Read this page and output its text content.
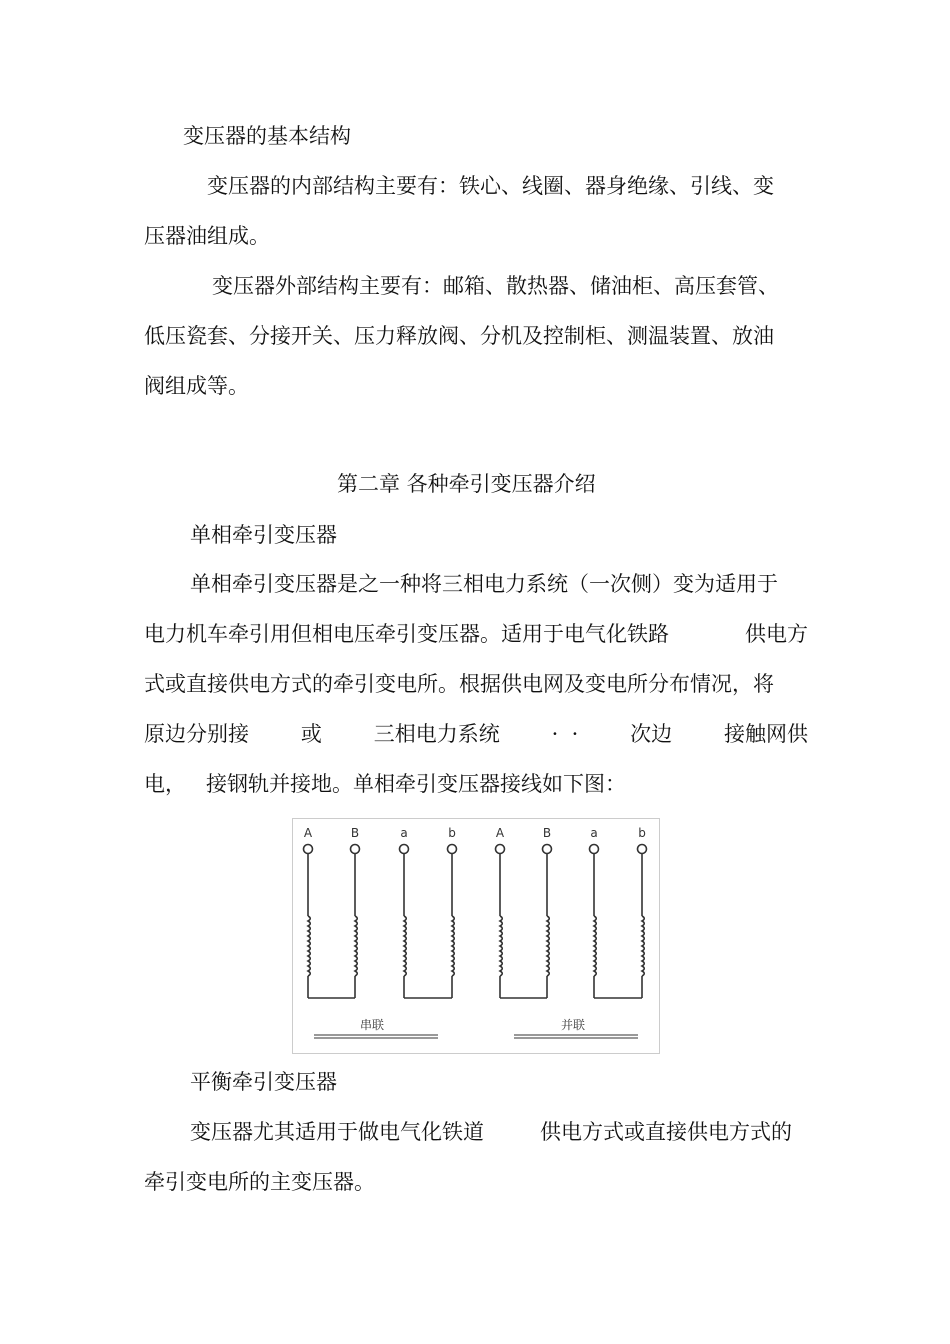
变压器的基本结构

变压器的内部结构主要有：铁心、线圈、器身绝缘、引线、变

压器油组成。

变压器外部结构主要有：邮箱、散热器、储油柜、高压套管、

低压瓷套、分接开关、压力释放阀、分机及控制柜、测温装置、放油

阀组成等。

第二章 各种牵引变压器介绍

单相牵引变压器

单相牵引变压器是之一种将三相电力系统（一次侧）变为适用于

电力机车牵引用但相电压牵引变压器。适用于电气化铁路	供电方

式或直接供电方式的牵引变电所。根据供电网及变电所分布情况，将

原边分别接 或 三相电力系统 ·  · 次边 接触网供

电， 接钢轨并接地。单相牵引变压器接线如下图：

A	B	a	b	A	B	a	b
串联	并联

平衡牵引变压器

变压器尤其适用于做电气化铁道	供电方式或直接供电方式的

牵引变电所的主变压器。
